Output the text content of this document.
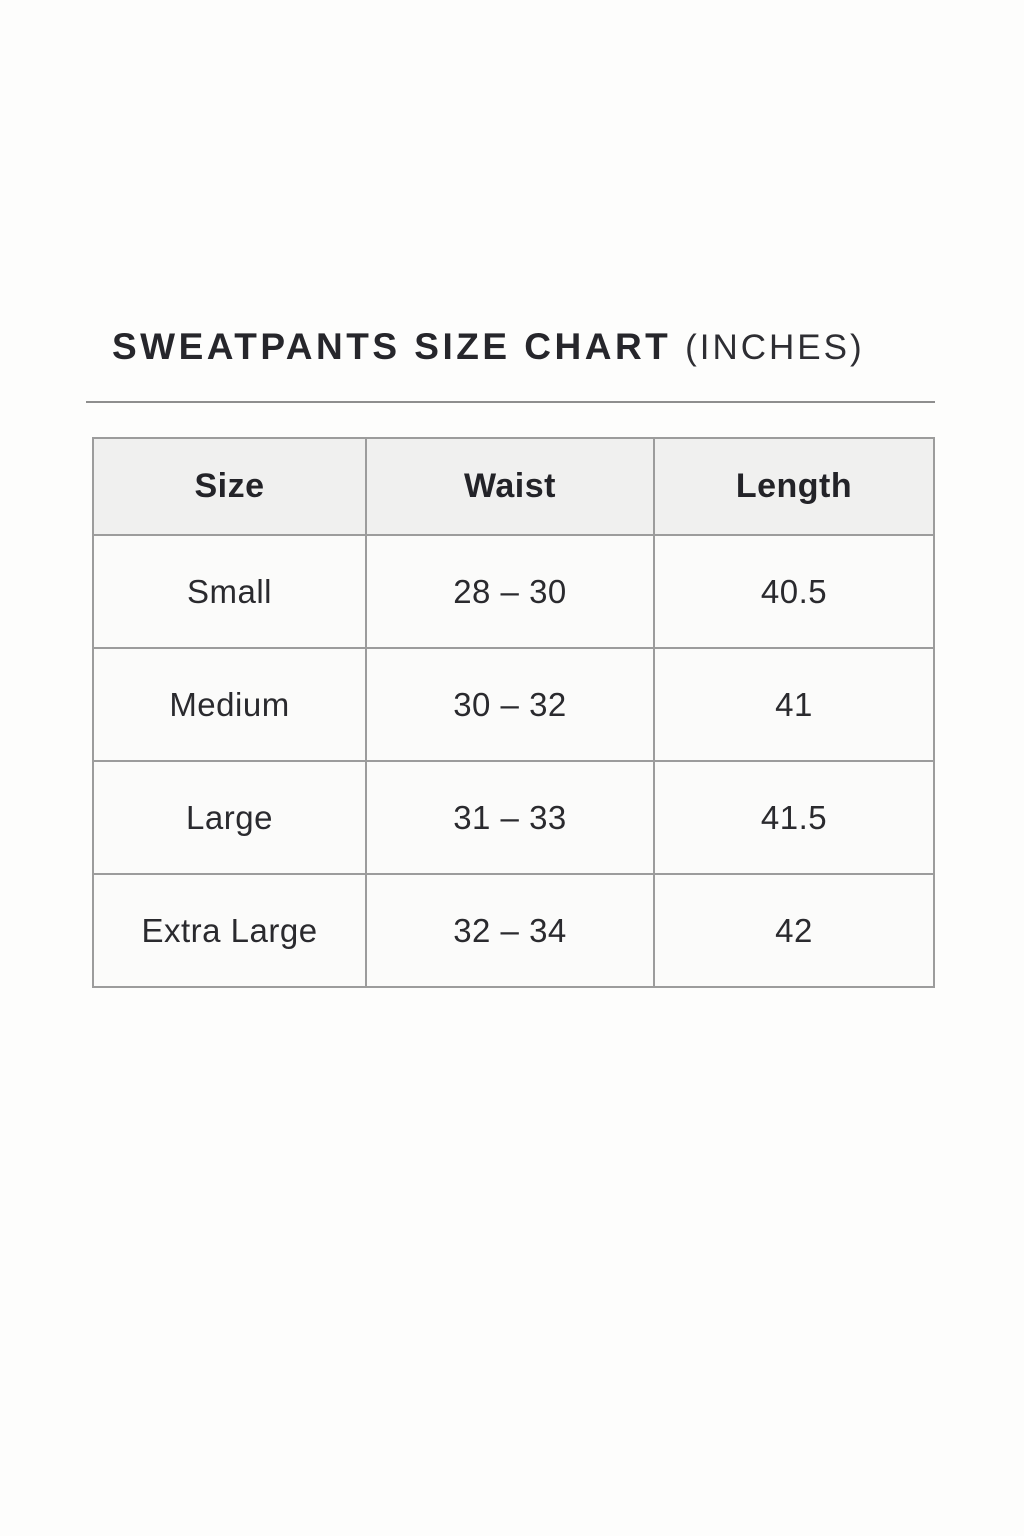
SWEATPANTS SIZE CHART (INCHES)
Size	Waist	Length
Small	28 – 30	40.5
Medium	30 – 32	41
Large	31 – 33	41.5
Extra Large	32 – 34	42
